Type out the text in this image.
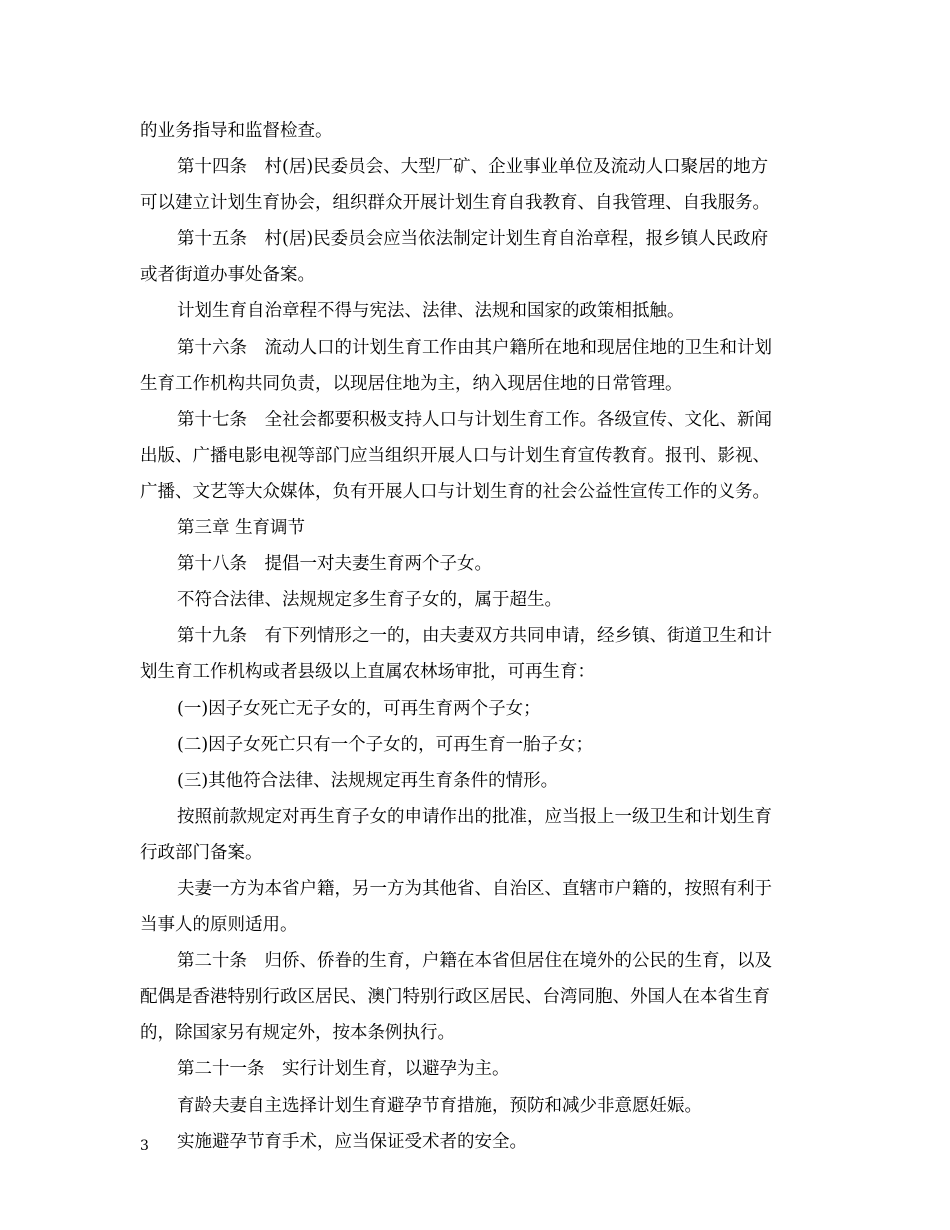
的业务指导和监督检查。
第十四条　村(居)民委员会、大型厂矿、企业事业单位及流动人口聚居的地方
可以建立计划生育协会，组织群众开展计划生育自我教育、自我管理、自我服务。
第十五条　村(居)民委员会应当依法制定计划生育自治章程，报乡镇人民政府
或者街道办事处备案。
计划生育自治章程不得与宪法、法律、法规和国家的政策相抵触。
第十六条　流动人口的计划生育工作由其户籍所在地和现居住地的卫生和计划
生育工作机构共同负责，以现居住地为主，纳入现居住地的日常管理。
第十七条　全社会都要积极支持人口与计划生育工作。各级宣传、文化、新闻
出版、广播电影电视等部门应当组织开展人口与计划生育宣传教育。报刊、影视、
广播、文艺等大众媒体，负有开展人口与计划生育的社会公益性宣传工作的义务。
第三章 生育调节
第十八条　提倡一对夫妻生育两个子女。
不符合法律、法规规定多生育子女的，属于超生。
第十九条　有下列情形之一的，由夫妻双方共同申请，经乡镇、街道卫生和计
划生育工作机构或者县级以上直属农林场审批，可再生育：
(一)因子女死亡无子女的，可再生育两个子女；
(二)因子女死亡只有一个子女的，可再生育一胎子女；
(三)其他符合法律、法规规定再生育条件的情形。
按照前款规定对再生育子女的申请作出的批准，应当报上一级卫生和计划生育
行政部门备案。
夫妻一方为本省户籍，另一方为其他省、自治区、直辖市户籍的，按照有利于
当事人的原则适用。
第二十条　归侨、侨眷的生育，户籍在本省但居住在境外的公民的生育，以及
配偶是香港特别行政区居民、澳门特别行政区居民、台湾同胞、外国人在本省生育
的，除国家另有规定外，按本条例执行。
第二十一条　实行计划生育，以避孕为主。
育龄夫妻自主选择计划生育避孕节育措施，预防和减少非意愿妊娠。
实施避孕节育手术，应当保证受术者的安全。
3
